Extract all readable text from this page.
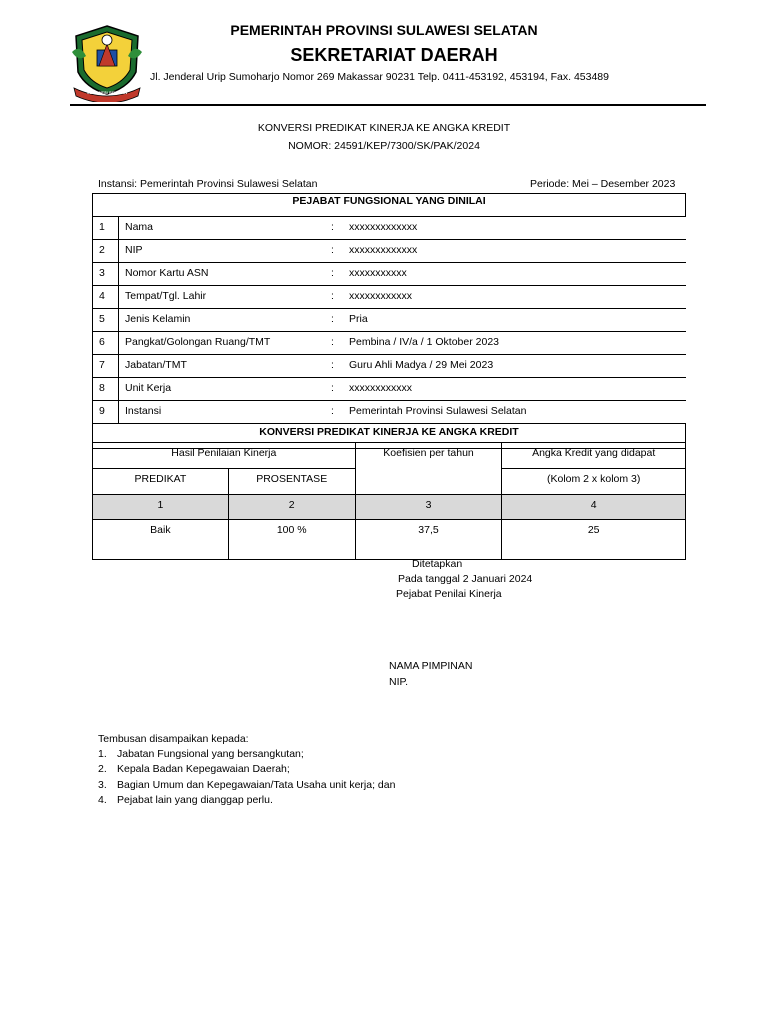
SULAWESI SELATAN
PEMERINTAH PROVINSI SULAWESI SELATAN
SEKRETARIAT DAERAH
Jl. Jenderal Urip Sumoharjo Nomor 269 Makassar 90231 Telp. 0411-453192, 453194, Fax. 453489
KONVERSI PREDIKAT KINERJA KE ANGKA KREDIT
NOMOR: 24591/KEP/7300/SK/PAK/2024
Instansi: Pemerintah Provinsi Sulawesi Selatan	Periode: Mei – Desember 2023
PEJABAT FUNGSIONAL YANG DINILAI	
1	Nama : xxxxxxxxxxxxx

2	NIP : xxxxxxxxxxxxx

3	Nomor Kartu ASN : xxxxxxxxxxx

4	Tempat/Tgl. Lahir : xxxxxxxxxxxx

5	Jenis Kelamin : Pria

6	Pangkat/Golongan Ruang/TMT : Pembina / IV/a / 1 Oktober 2023

7	Jabatan/TMT : Guru Ahli Madya / 29 Mei 2023

8	Unit Kerja : xxxxxxxxxxxx

9	Instansi : Pemerintah Provinsi Sulawesi Selatan

KONVERSI PREDIKAT KINERJA KE ANGKA KREDIT	
Hasil Penilaian Kinerja		Koefisien per tahun	Angka Kredit yang didapat
PREDIKAT	PROSENTASE		(Kolom 2 x kolom 3)
1	2	3	4
Baik	100 %	37,5	25
Ditetapkan
Pada tanggal 2 Januari 2024
Pejabat Penilai Kinerja
NAMA PIMPINAN
NIP.
Tembusan disampaikan kepada:
1. Jabatan Fungsional yang bersangkutan;
2. Kepala Badan Kepegawaian Daerah;
3. Bagian Umum dan Kepegawaian/Tata Usaha unit kerja; dan
4. Pejabat lain yang dianggap perlu.
